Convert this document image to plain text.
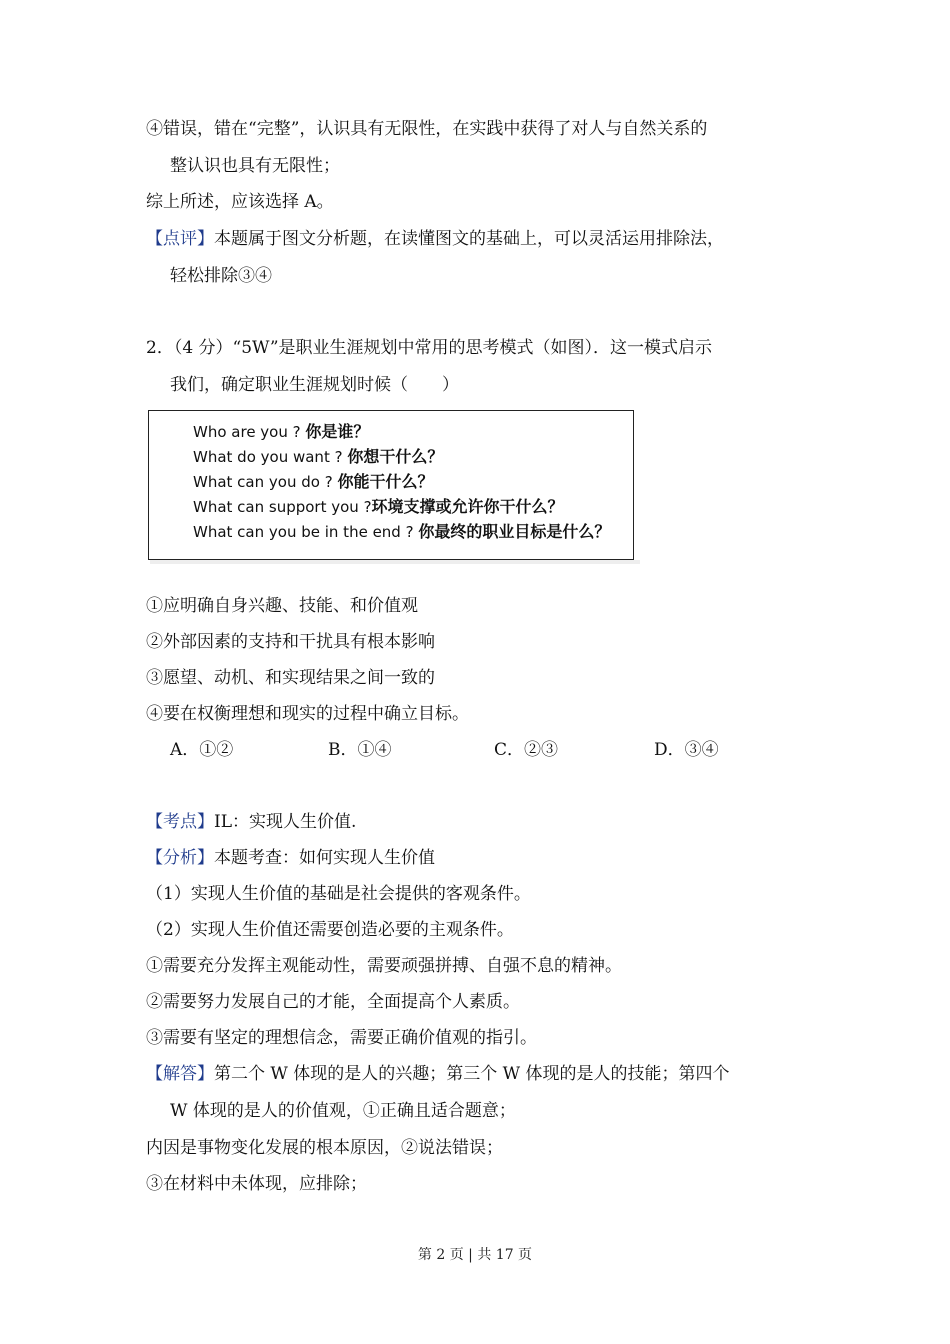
④错误，错在“完整”，认识具有无限性，在实践中获得了对人与自然关系的
整认识也具有无限性；
综上所述，应该选择 A。
【点评】本题属于图文分析题，在读懂图文的基础上，可以灵活运用排除法，
轻松排除③④
2．（4 分）“5W”是职业生涯规划中常用的思考模式（如图）．这一模式启示
我们，确定职业生涯规划时候（　　）
Who are you ? 你是谁？
What do you want ? 你想干什么？
What can you do ? 你能干什么？
What can support you ?环境支撑或允许你干什么？
What can you be in the end ? 你最终的职业目标是什么？
①应明确自身兴趣、技能、和价值观
②外部因素的支持和干扰具有根本影响
③愿望、动机、和实现结果之间一致的
④要在权衡理想和现实的过程中确立目标。
A．①②	B．①④	C．②③	D．③④
【考点】IL：实现人生价值.
【分析】本题考查：如何实现人生价值
（1）实现人生价值的基础是社会提供的客观条件。
（2）实现人生价值还需要创造必要的主观条件。
①需要充分发挥主观能动性，需要顽强拼搏、自强不息的精神。
②需要努力发展自己的才能，全面提高个人素质。
③需要有坚定的理想信念，需要正确价值观的指引。
【解答】第二个 W 体现的是人的兴趣；第三个 W 体现的是人的技能；第四个
W 体现的是人的价值观，①正确且适合题意；
内因是事物变化发展的根本原因，②说法错误；
③在材料中未体现，应排除；
第 2 页 | 共 17 页
